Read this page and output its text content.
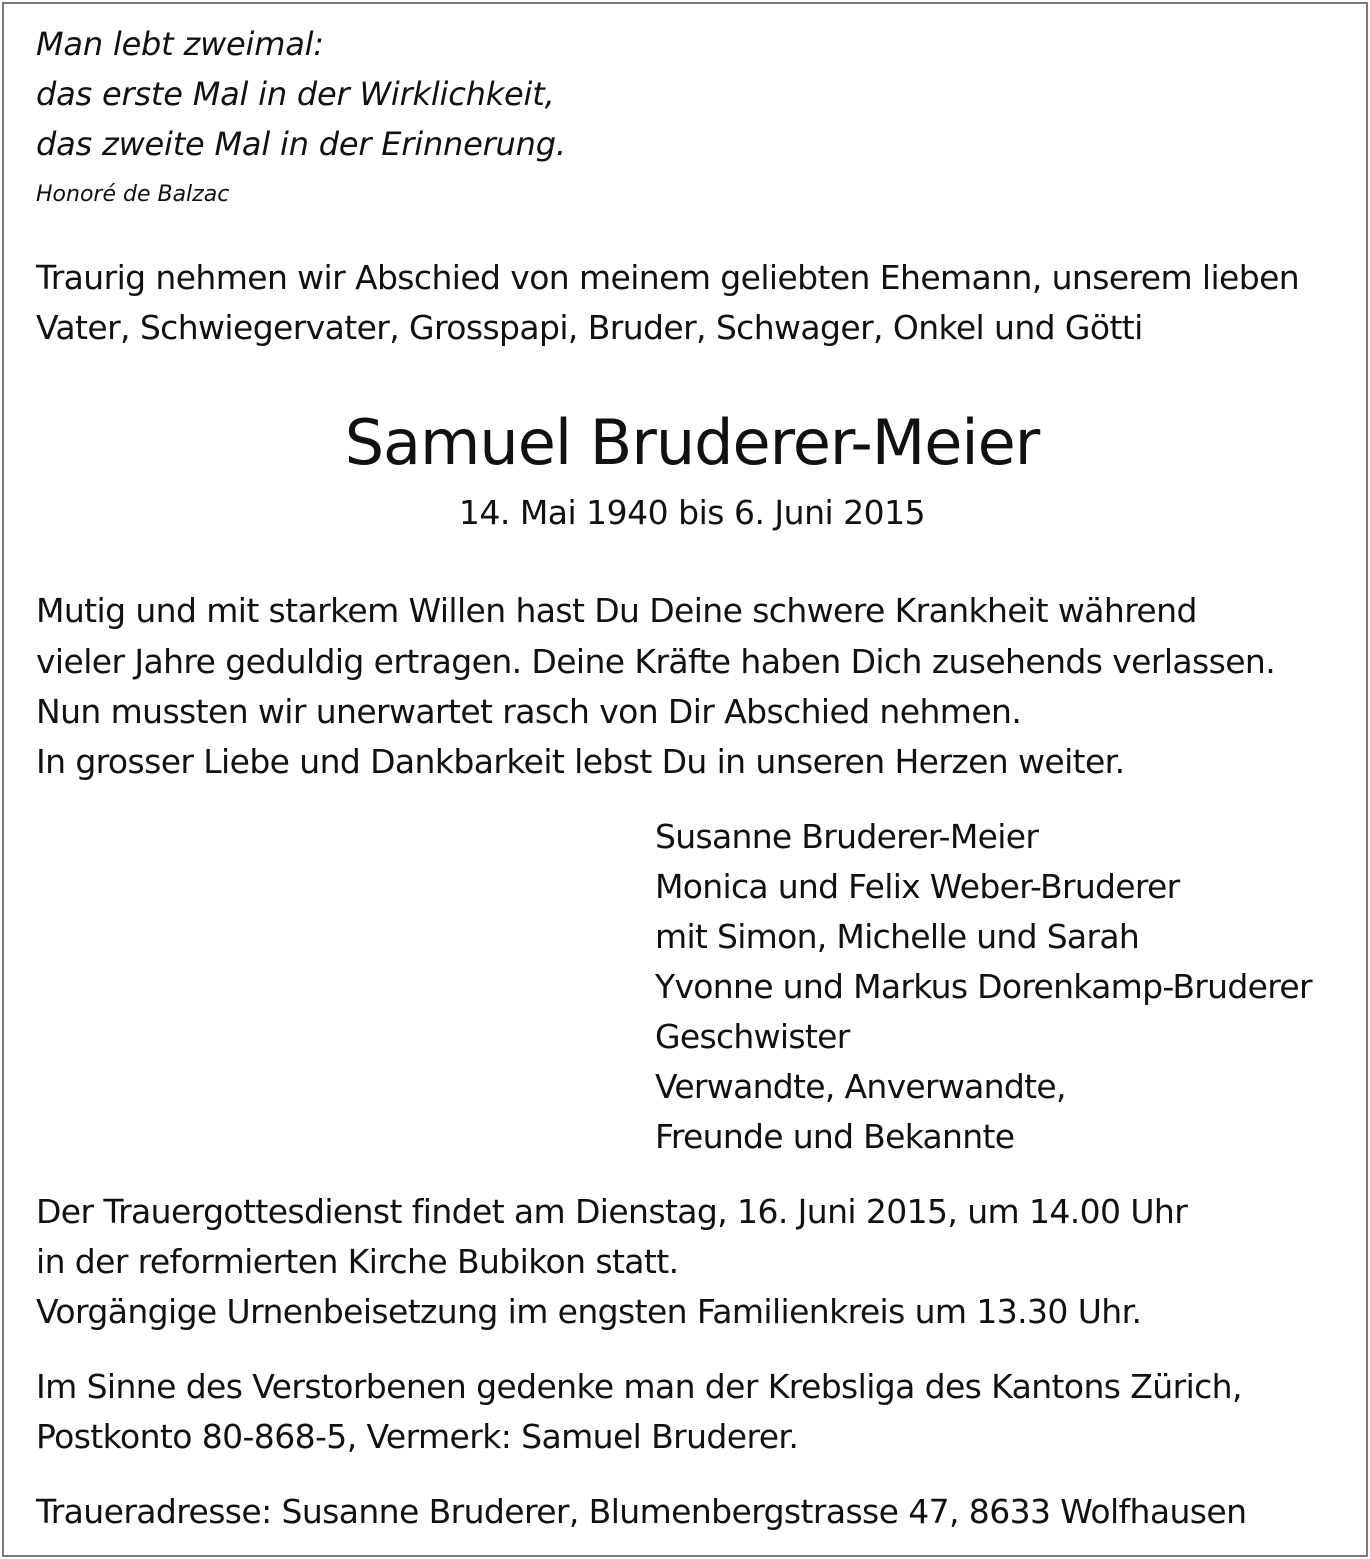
Man lebt zweimal:
das erste Mal in der Wirklichkeit,
das zweite Mal in der Erinnerung.
Honoré de Balzac
Traurig nehmen wir Abschied von meinem geliebten Ehemann, unserem lieben
Vater, Schwiegervater, Grosspapi, Bruder, Schwager, Onkel und Götti
Samuel Bruderer-Meier
14. Mai 1940 bis 6. Juni 2015
Mutig und mit starkem Willen hast Du Deine schwere Krankheit während
vieler Jahre geduldig ertragen. Deine Kräfte haben Dich zusehends verlassen.
Nun mussten wir unerwartet rasch von Dir Abschied nehmen.
In grosser Liebe und Dankbarkeit lebst Du in unseren Herzen weiter.
Susanne Bruderer-Meier
Monica und Felix Weber-Bruderer
mit Simon, Michelle und Sarah
Yvonne und Markus Dorenkamp-Bruderer
Geschwister
Verwandte, Anverwandte,
Freunde und Bekannte
Der Trauergottesdienst findet am Dienstag, 16. Juni 2015, um 14.00 Uhr
in der reformierten Kirche Bubikon statt.
Vorgängige Urnenbeisetzung im engsten Familienkreis um 13.30 Uhr.
Im Sinne des Verstorbenen gedenke man der Krebsliga des Kantons Zürich,
Postkonto 80-868-5, Vermerk: Samuel Bruderer.
Traueradresse: Susanne Bruderer, Blumenbergstrasse 47, 8633 Wolfhausen
